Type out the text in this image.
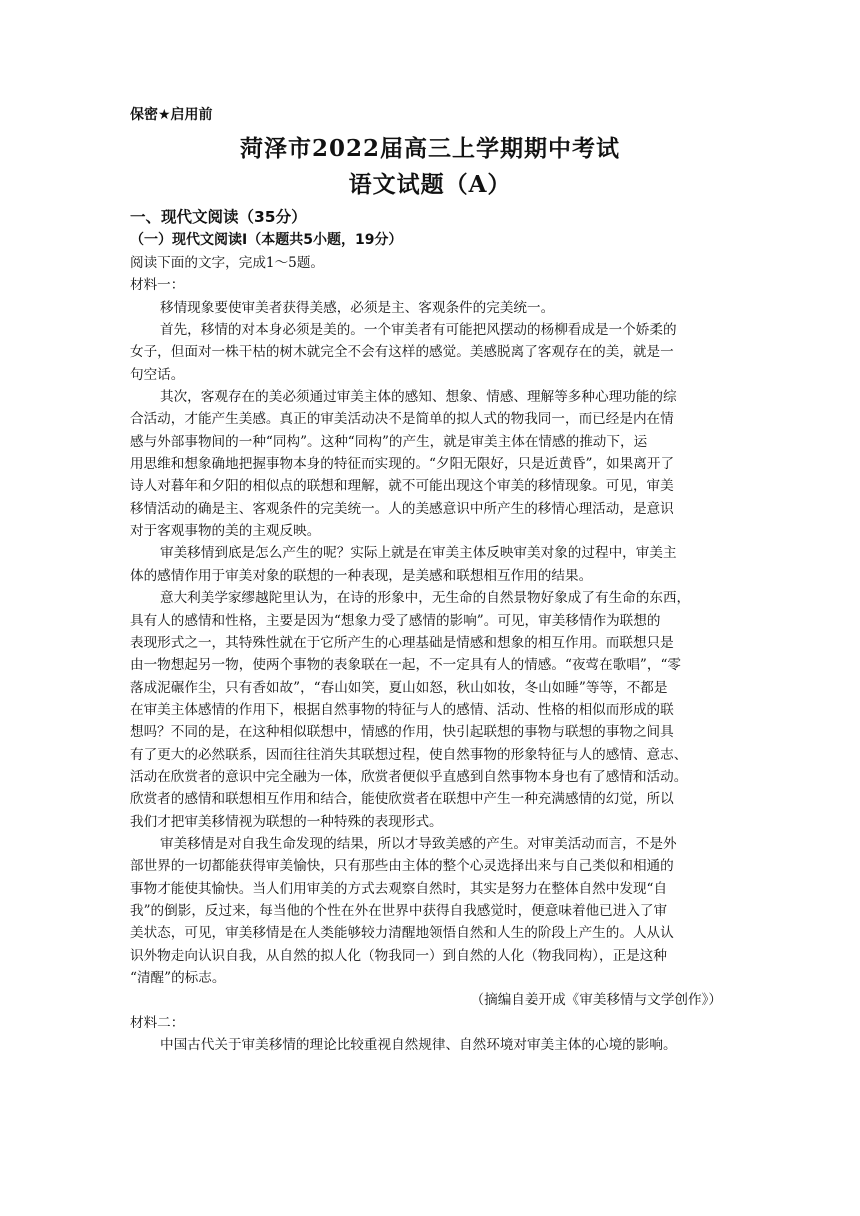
保密★启用前
菏泽市2022届高三上学期期中考试
语文试题（A）
一、现代文阅读（35分）
（一）现代文阅读Ⅰ（本题共5小题，19分）
阅读下面的文字，完成1～5题。
材料一：
移情现象要使审美者获得美感，必须是主、客观条件的完美统一。
首先，移情的对本身必须是美的。一个审美者有可能把风摆动的杨柳看成是一个娇柔的
女子，但面对一株干枯的树木就完全不会有这样的感觉。美感脱离了客观存在的美，就是一
句空话。
其次，客观存在的美必须通过审美主体的感知、想象、情感、理解等多种心理功能的综
合活动，才能产生美感。真正的审美活动决不是简单的拟人式的物我同一，而已经是内在情
感与外部事物间的一种“同构”。这种“同构”的产生，就是审美主体在情感的推动下，运
用思维和想象确地把握事物本身的特征而实现的。“夕阳无限好，只是近黄昏”，如果离开了
诗人对暮年和夕阳的相似点的联想和理解，就不可能出现这个审美的移情现象。可见，审美
移情活动的确是主、客观条件的完美统一。人的美感意识中所产生的移情心理活动，是意识
对于客观事物的美的主观反映。
审美移情到底是怎么产生的呢？实际上就是在审美主体反映审美对象的过程中，审美主
体的感情作用于审美对象的联想的一种表现，是美感和联想相互作用的结果。
意大利美学家缪越陀里认为，在诗的形象中，无生命的自然景物好象成了有生命的东西，
具有人的感情和性格，主要是因为“想象力受了感情的影响”。可见，审美移情作为联想的
表现形式之一，其特殊性就在于它所产生的心理基础是情感和想象的相互作用。而联想只是
由一物想起另一物，使两个事物的表象联在一起，不一定具有人的情感。“夜莺在歌唱”，“零
落成泥碾作尘，只有香如故”，“春山如笑，夏山如怒，秋山如妆，冬山如睡”等等，不都是
在审美主体感情的作用下，根据自然事物的特征与人的感情、活动、性格的相似而形成的联
想吗？不同的是，在这种相似联想中，情感的作用，快引起联想的事物与联想的事物之间具
有了更大的必然联系，因而往往消失其联想过程，使自然事物的形象特征与人的感情、意志、
活动在欣赏者的意识中完全融为一体，欣赏者便似乎直感到自然事物本身也有了感情和活动。
欣赏者的感情和联想相互作用和结合，能使欣赏者在联想中产生一种充满感情的幻觉，所以
我们才把审美移情视为联想的一种特殊的表现形式。
审美移情是对自我生命发现的结果，所以才导致美感的产生。对审美活动而言，不是外
部世界的一切都能获得审美愉快，只有那些由主体的整个心灵选择出来与自己类似和相通的
事物才能使其愉快。当人们用审美的方式去观察自然时，其实是努力在整体自然中发现“自
我”的倒影，反过来，每当他的个性在外在世界中获得自我感觉时，便意味着他已进入了审
美状态，可见，审美移情是在人类能够较力清醒地领悟自然和人生的阶段上产生的。人从认
识外物走向认识自我，从自然的拟人化（物我同一）到自然的人化（物我同构），正是这种
“清醒”的标志。
（摘编自姜开成《审美移情与文学创作》）
材料二：
中国古代关于审美移情的理论比较重视自然规律、自然环境对审美主体的心境的影响。
